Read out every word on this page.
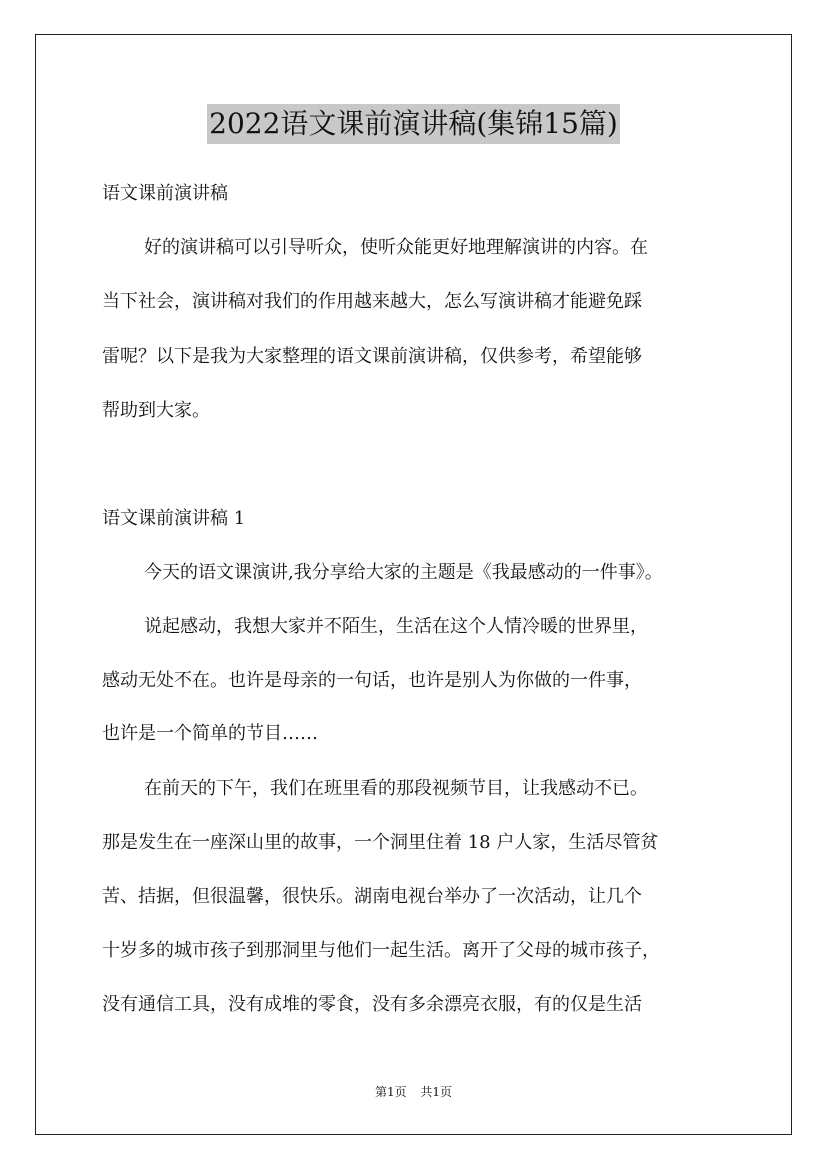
2022语文课前演讲稿(集锦15篇)
语文课前演讲稿
好的演讲稿可以引导听众，使听众能更好地理解演讲的内容。在
当下社会，演讲稿对我们的作用越来越大，怎么写演讲稿才能避免踩
雷呢？以下是我为大家整理的语文课前演讲稿，仅供参考，希望能够
帮助到大家。
语文课前演讲稿 1
今天的语文课演讲,我分享给大家的主题是《我最感动的一件事》。
说起感动，我想大家并不陌生，生活在这个人情冷暖的世界里，
感动无处不在。也许是母亲的一句话，也许是别人为你做的一件事，
也许是一个简单的节目……
在前天的下午，我们在班里看的那段视频节目，让我感动不已。
那是发生在一座深山里的故事，一个洞里住着 18 户人家，生活尽管贫
苦、拮据，但很温馨，很快乐。湖南电视台举办了一次活动，让几个
十岁多的城市孩子到那洞里与他们一起生活。离开了父母的城市孩子，
没有通信工具，没有成堆的零食，没有多余漂亮衣服，有的仅是生活
第1页 共1页
